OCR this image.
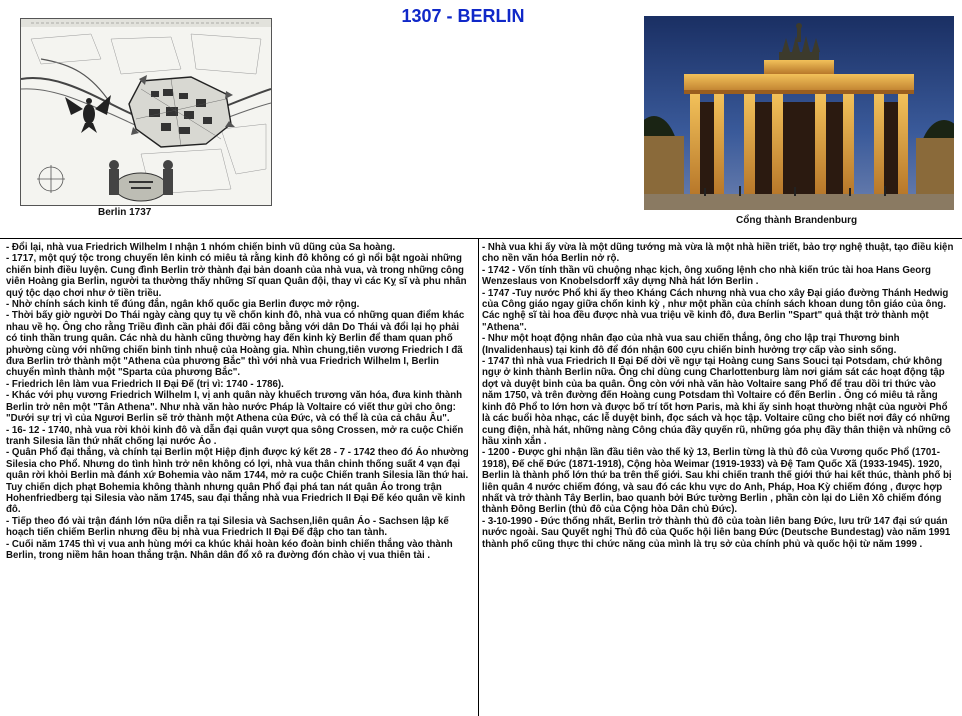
1307 - BERLIN
Berlin 1737
Cổng thành Brandenburg

- Đổi lại, nhà vua Friedrich Wilhelm I nhận 1 nhóm chiến binh vũ dũng của Sa hoàng.

- 1717, một quý tộc trong chuyến lên kinh có miêu tả rằng kinh đô không có gì nổi bật ngoài những chiến binh điều luyện. Cung đình Berlin trở thành đại bản doanh của nhà vua, và trong những công viên Hoàng gia Berlin, người ta thường thấy những Sĩ quan Quân đội, thay vì các Kỵ sĩ và phu nhân quý tộc dạo chơi như ở tiền triều.

- Nhờ chính sách kinh tế đúng đắn, ngân khố quốc gia Berlin được mở rộng.

- Thời bấy giờ người Do Thái ngày càng quy tụ về chốn kinh đô, nhà vua có những quan điểm khác nhau về họ. Ông cho rằng Triều đình cần phải đối đãi công bằng với dân Do Thái và đổi lại họ phải có tinh thần trung quân. Các nhà du hành cũng thường hay đến kinh kỳ Berlin để tham quan phố phường cùng với những chiến binh tinh nhuệ của Hoàng gia. Nhìn chung,tiên vương Friedrich I đã đưa Berlin trở thành một "Athena của phương Bắc" thì với nhà vua Friedrich Wilhelm I, Berlin chuyển mình thành một "Sparta của phương Bắc".

- Friedrich lên làm vua Friedrich II Đại Đế (trị vì: 1740 - 1786).

- Khác với phụ vương Friedrich Wilhelm I, vị anh quân này khuếch trương văn hóa, đưa kinh thành Berlin trở nên một "Tân Athena". Như nhà văn hào nước Pháp là Voltaire có viết thư gửi cho ông: "Dưới sự trị vì của Ngươi Berlin sẽ trở thành một Athena của Đức, và có thể là của cả châu Âu".

- 16- 12 - 1740, nhà vua rời khỏi kinh đô và dẫn đại quân vượt qua sông Crossen, mở ra cuộc Chiến tranh Silesia lần thứ nhất chống lại nước Áo .

- Quân Phổ đại thắng, và chính tại Berlin một Hiệp định được ký kết 28 - 7 - 1742 theo đó Áo nhường Silesia cho Phổ. Nhưng do tình hình trở nên không có lợi, nhà vua thân chinh thống suất 4 vạn đại quân rời khỏi Berlin mà đánh xứ Bohemia vào năm 1744, mở ra cuộc Chiến tranh Silesia lần thứ hai. Tuy chiến dịch phạt Bohemia không thành nhưng quân Phổ đại phá tan nát quân Áo trong trận Hohenfriedberg tại Silesia vào năm 1745, sau đại thắng nhà vua Friedrich II Đại Đế kéo quân về kinh đô.

- Tiếp theo đó vài trận đánh lớn nữa diễn ra tại Silesia và Sachsen,liên quân Áo - Sachsen lập kế hoạch tiến chiếm Berlin nhưng đều bị nhà vua Friedrich II Đại Đế đập cho tan tành.

- Cuối năm 1745 thì vị vua anh hùng mới ca khúc khải hoàn kéo đoàn binh chiến thắng vào thành Berlin, trong niềm hân hoan thắng trận. Nhân dân đổ xô ra đường đón chào vị vua thiên tài .

- Nhà vua khi ấy vừa là một dũng tướng mà vừa là một nhà hiền triết, bảo trợ nghệ thuật, tạo điều kiện cho nền văn hóa Berlin nở rộ.

- 1742 - Vốn tính thần vũ chuộng nhạc kịch, ông xuống lệnh cho nhà kiến trúc tài hoa Hans Georg Wenzeslaus von Knobelsdorff xây dựng Nhà hát lớn Berlin .

- 1747 -Tuy nước Phổ khi ấy theo Kháng Cách nhưng nhà vua cho xây Đại giáo đường Thánh Hedwig của Công giáo ngay giữa chốn kinh kỳ , như một phần của chính sách khoan dung tôn giáo của ông. Các nghệ sĩ tài hoa đều được nhà vua triệu về kinh đô, đưa Berlin "Spart" quả thật trở thành một "Athena".

- Như một hoạt động nhân đạo của nhà vua sau chiến thắng, ông cho lập trại Thương binh (Invalidenhaus) tại kinh đô để đón nhận 600 cựu chiến binh hưởng trợ cấp vào sinh sống.

- 1747 thì nhà vua Friedrich II Đại Đế dời về ngự tại Hoàng cung Sans Souci tại Potsdam, chứ không ngự ở kinh thành Berlin nữa. Ông chỉ dùng cung Charlottenburg làm nơi giám sát các hoạt động tập dợt và duyệt binh của ba quân. Ông còn với nhà văn hào Voltaire sang Phổ để trau dồi tri thức vào năm 1750, và trên đường đến Hoàng cung Potsdam thì Voltaire có đến Berlin . Ông có miêu tả rằng kinh đô Phổ to lớn hơn và được bố trí tốt hơn Paris, mà khi ấy sinh hoạt thường nhật của người Phổ là các buổi hòa nhạc, các lễ duyệt binh, đọc sách và học tập. Voltaire cũng cho biết nơi đây có những cung điện, nhà hát, những nàng Công chúa đầy quyến rũ, những góa phụ đầy thân thiện và những cô hầu xinh xắn .

- 1200 - Được ghi nhận lần đầu tiên vào thế kỷ 13, Berlin từng là thủ đô của Vương quốc Phổ (1701-1918), Đế chế Đức (1871-1918), Cộng hòa Weimar (1919-1933) và Đệ Tam Quốc Xã (1933-1945). 1920, Berlin là thành phố lớn thứ ba trên thế giới. Sau khi chiến tranh thế giới thứ hai kết thúc, thành phố bị liên quân 4 nước chiếm đóng, và sau đó các khu vực do Anh, Pháp, Hoa Kỳ chiếm đóng , được hợp nhất và trở thành Tây Berlin, bao quanh bởi Bức tường Berlin , phần còn lại do Liên Xô chiếm đóng thành Đông Berlin (thủ đô của Cộng hòa Dân chủ Đức).

- 3-10-1990 - Đức thống nhất, Berlin trở thành thủ đô của toàn liên bang Đức, lưu trữ 147 đại sứ quán nước ngoài. Sau Quyết nghị Thủ đô của Quốc hội liên bang Đức (Deutsche Bundestag) vào năm 1991 thành phố cũng thực thi chức năng của mình là trụ sở của chính phủ và quốc hội từ năm 1999 .
